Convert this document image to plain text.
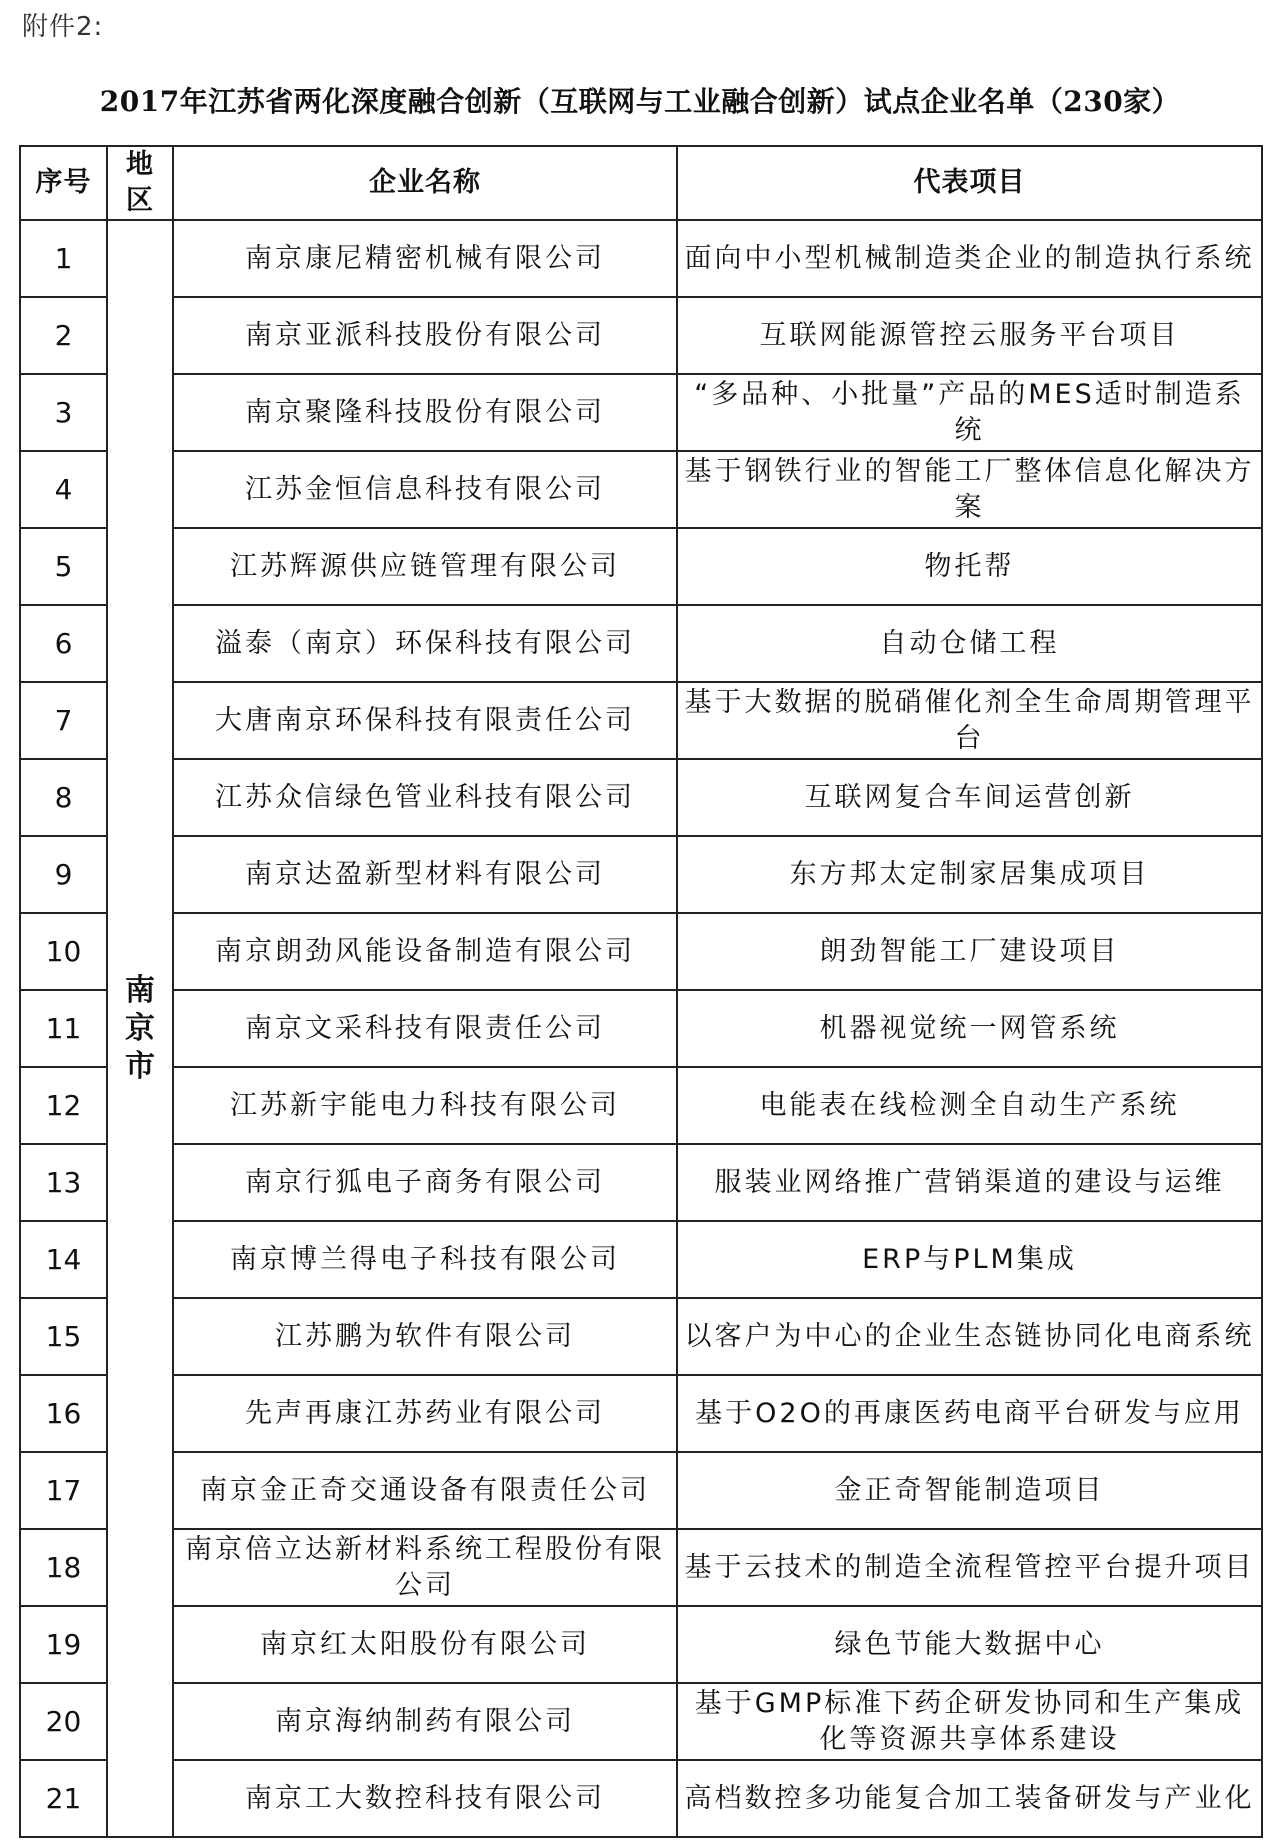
附件2:
2017年江苏省两化深度融合创新（互联网与工业融合创新）试点企业名单（230家）
序号	地区	企业名称	代表项目
1	南京市	南京康尼精密机械有限公司	面向中小型机械制造类企业的制造执行系统
2		南京亚派科技股份有限公司	互联网能源管控云服务平台项目
3		南京聚隆科技股份有限公司	“多品种、小批量”产品的MES适时制造系统
4		江苏金恒信息科技有限公司	基于钢铁行业的智能工厂整体信息化解决方案
5		江苏辉源供应链管理有限公司	物托帮
6		溢泰（南京）环保科技有限公司	自动仓储工程
7		大唐南京环保科技有限责任公司	基于大数据的脱硝催化剂全生命周期管理平台
8		江苏众信绿色管业科技有限公司	互联网复合车间运营创新
9		南京达盈新型材料有限公司	东方邦太定制家居集成项目
10		南京朗劲风能设备制造有限公司	朗劲智能工厂建设项目
11		南京文采科技有限责任公司	机器视觉统一网管系统
12		江苏新宇能电力科技有限公司	电能表在线检测全自动生产系统
13		南京行狐电子商务有限公司	服装业网络推广营销渠道的建设与运维
14		南京博兰得电子科技有限公司	ERP与PLM集成
15		江苏鹏为软件有限公司	以客户为中心的企业生态链协同化电商系统
16		先声再康江苏药业有限公司	基于O2O的再康医药电商平台研发与应用
17		南京金正奇交通设备有限责任公司	金正奇智能制造项目
18		南京倍立达新材料系统工程股份有限公司	基于云技术的制造全流程管控平台提升项目
19		南京红太阳股份有限公司	绿色节能大数据中心
20		南京海纳制药有限公司	基于GMP标准下药企研发协同和生产集成化等资源共享体系建设
21		南京工大数控科技有限公司	高档数控多功能复合加工装备研发与产业化
